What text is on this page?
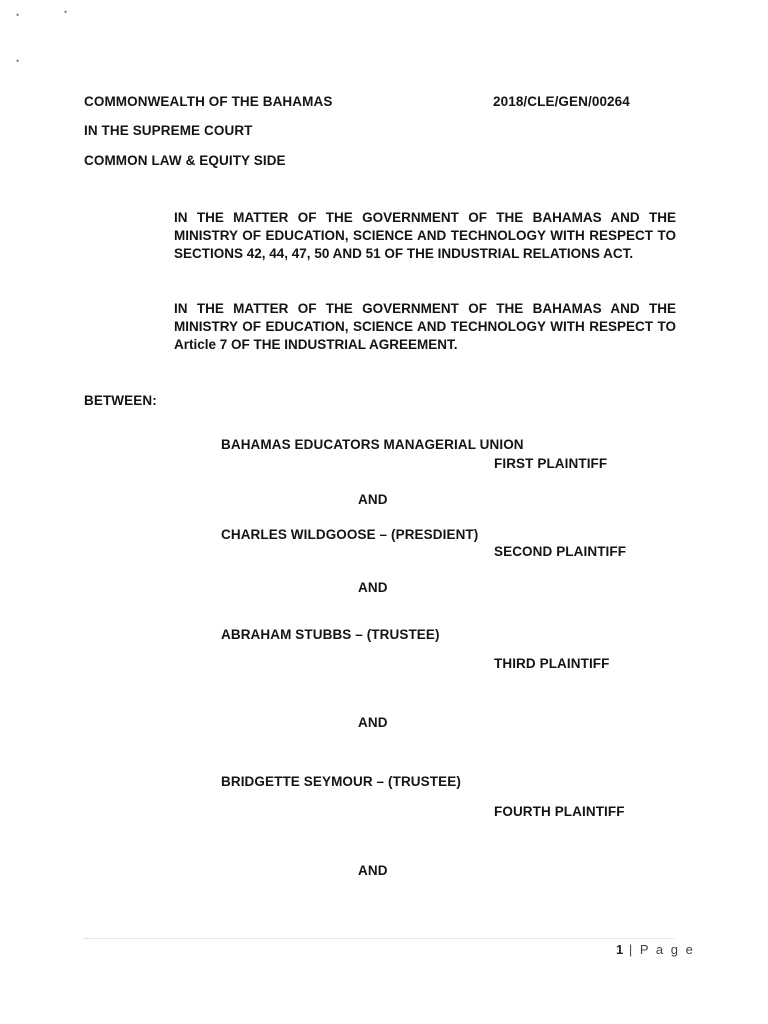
•	•
•
COMMONWEALTH OF THE BAHAMAS	2018/CLE/GEN/00264
IN THE SUPREME COURT
COMMON LAW & EQUITY SIDE
IN THE MATTER OF THE GOVERNMENT OF THE BAHAMAS AND THE MINISTRY OF EDUCATION, SCIENCE AND TECHNOLOGY WITH RESPECT TO SECTIONS 42, 44, 47, 50 AND 51 OF THE INDUSTRIAL RELATIONS ACT.
IN THE MATTER OF THE GOVERNMENT OF THE BAHAMAS AND THE MINISTRY OF EDUCATION, SCIENCE AND TECHNOLOGY WITH RESPECT TO Article 7 OF THE INDUSTRIAL AGREEMENT.
BETWEEN:
BAHAMAS EDUCATORS MANAGERIAL UNION
FIRST PLAINTIFF
AND
CHARLES WILDGOOSE – (PRESDIENT)
SECOND PLAINTIFF
AND
ABRAHAM STUBBS – (TRUSTEE)
THIRD PLAINTIFF
AND
BRIDGETTE SEYMOUR – (TRUSTEE)
FOURTH PLAINTIFF
AND
1 | P a g e
